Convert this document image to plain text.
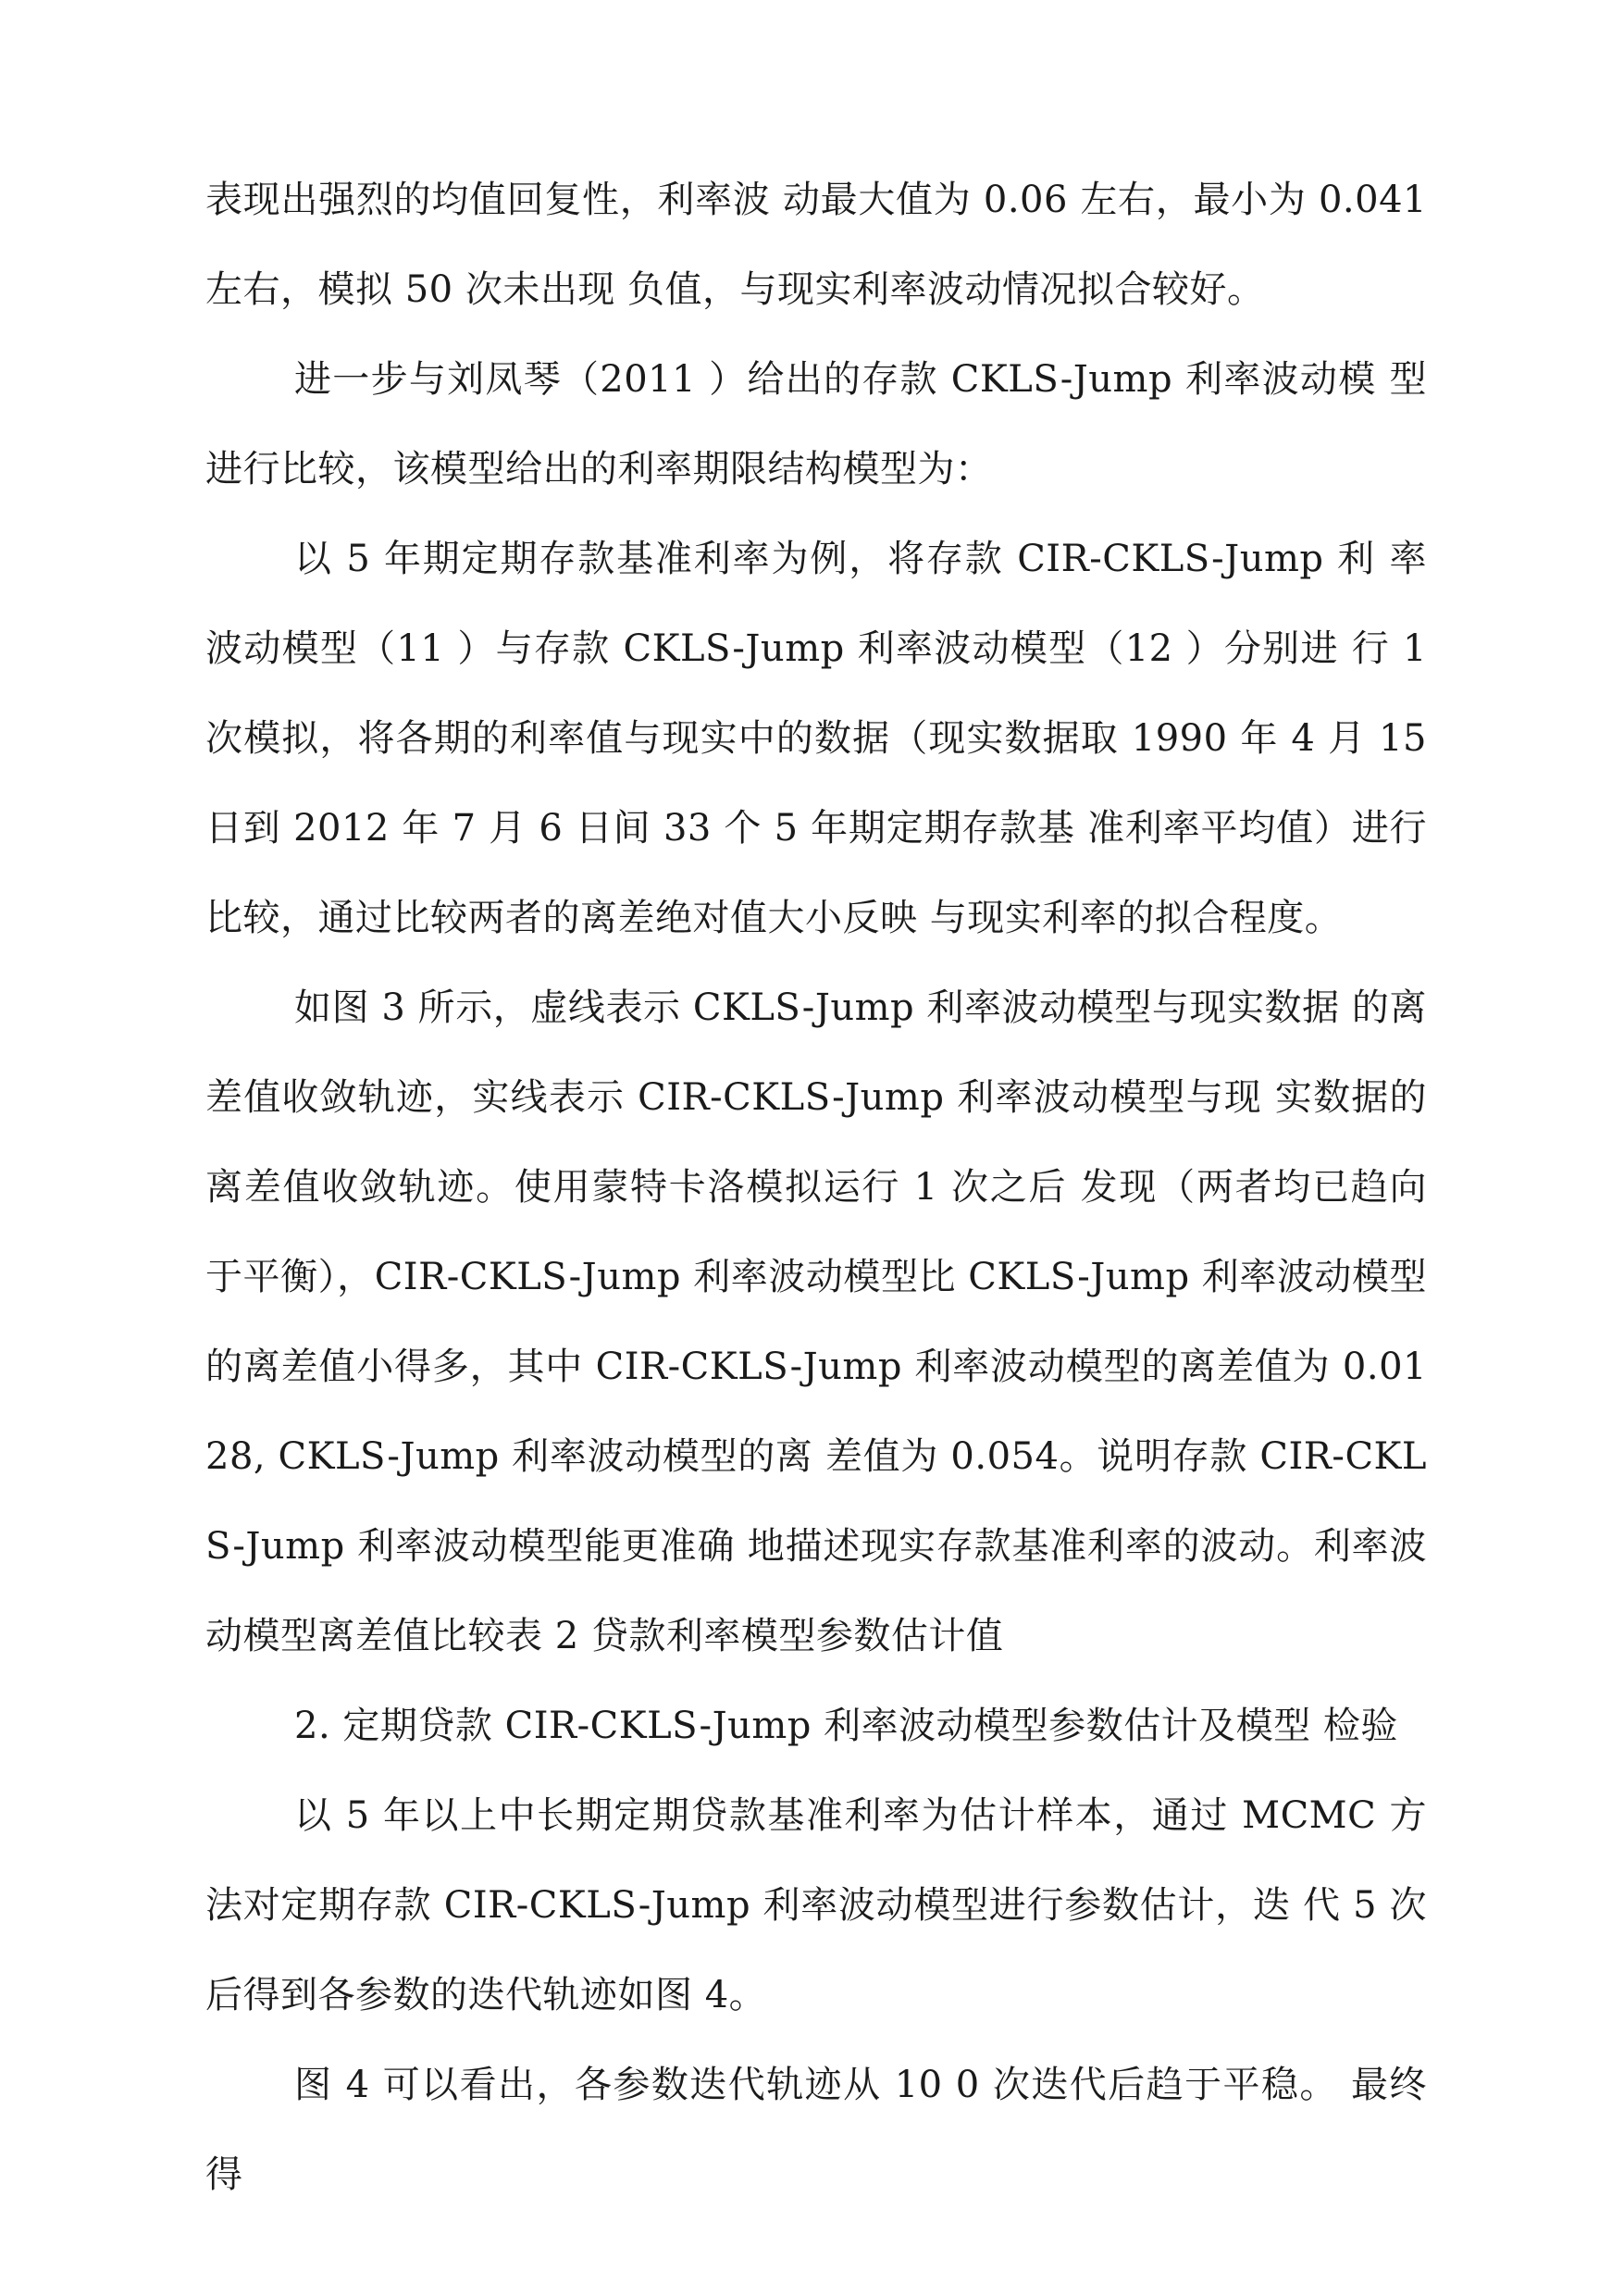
表现出强烈的均值回复性，利率波 动最大值为 0.06 左右，最小为 0.041 左右，模拟 50 次未出现 负值，与现实利率波动情况拟合较好。

进一步与刘凤琴（2011 ）给出的存款 CKLS-Jump 利率波动模 型进行比较，该模型给出的利率期限结构模型为：

以 5 年期定期存款基准利率为例，将存款 CIR-CKLS-Jump 利 率波动模型（11 ）与存款 CKLS-Jump 利率波动模型（12 ）分别进 行 1 次模拟，将各期的利率值与现实中的数据（现实数据取 1990 年 4 月 15 日到 2012 年 7 月 6 日间 33 个 5 年期定期存款基 准利率平均值）进行比较，通过比较两者的离差绝对值大小反映 与现实利率的拟合程度。

如图 3 所示，虚线表示 CKLS-Jump 利率波动模型与现实数据 的离差值收敛轨迹，实线表示 CIR-CKLS-Jump 利率波动模型与现 实数据的离差值收敛轨迹。使用蒙特卡洛模拟运行 1 次之后 发现（两者均已趋向于平衡），CIR-CKLS-Jump 利率波动模型比 CKLS-Jump 利率波动模型的离差值小得多，其中 CIR-CKLS-Jump 利率波动模型的离差值为 0.0128, CKLS-Jump 利率波动模型的离 差值为 0.054。说明存款 CIR-CKLS-Jump 利率波动模型能更准确 地描述现实存款基准利率的波动。利率波动模型离差值比较表 2 贷款利率模型参数估计值

2. 定期贷款 CIR-CKLS-Jump 利率波动模型参数估计及模型 检验

以 5 年以上中长期定期贷款基准利率为估计样本，通过 MCMC 方法对定期存款 CIR-CKLS-Jump 利率波动模型进行参数估计，迭 代 5 次后得到各参数的迭代轨迹如图 4。

图 4 可以看出，各参数迭代轨迹从 10 0 次迭代后趋于平稳。 最终得
